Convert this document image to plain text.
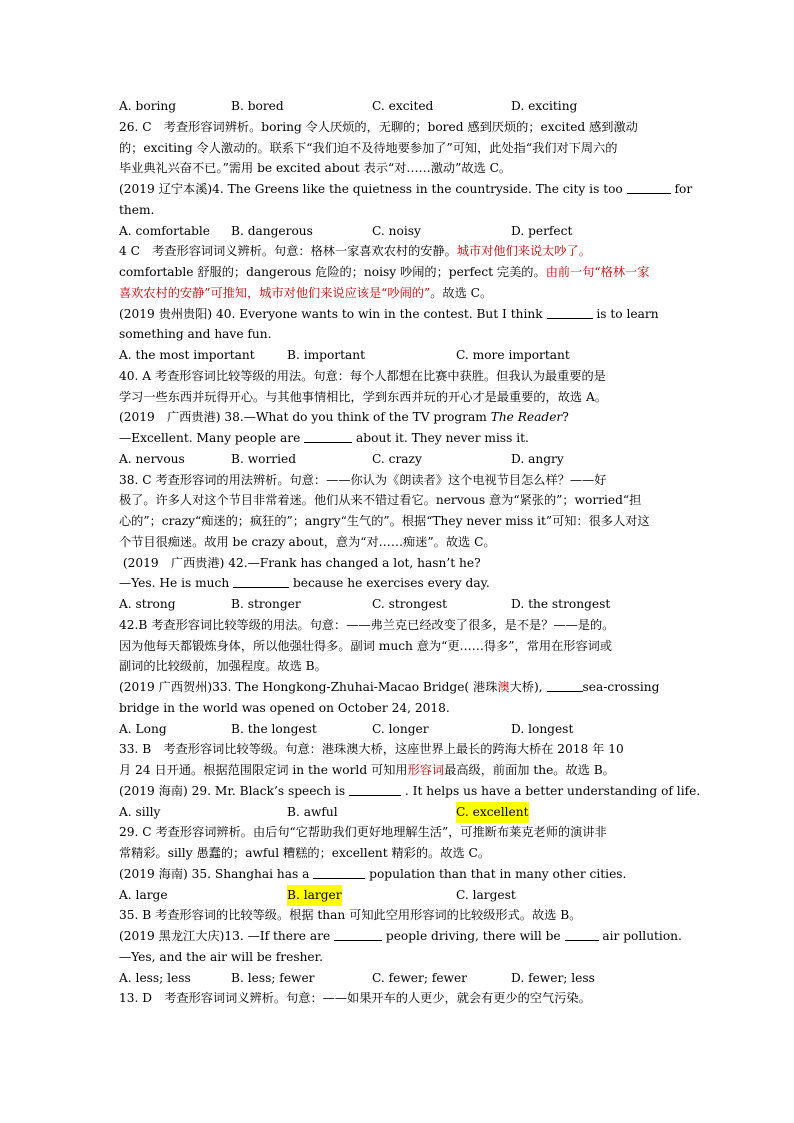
A. boring	B. bored	C. excited	D. exciting
26. C　考查形容词辨析。boring 令人厌烦的，无聊的；bored 感到厌烦的；excited 感到激动
的；exciting 令人激动的。联系下“我们迫不及待地要参加了”可知，此处指“我们对下周六的
毕业典礼兴奋不已。”需用 be excited about 表示“对……激动”故选 C。
(2019 辽宁本溪)4. The Greens like the quietness in the countryside. The city is too	for
them.
A. comfortable B. dangerous	C. noisy	D. perfect
4 C　考查形容词词义辨析。句意：格林一家喜欢农村的安静。城市对他们来说太吵了。
comfortable 舒服的；dangerous 危险的；noisy 吵闹的；perfect 完美的。由前一句“格林一家
喜欢农村的安静”可推知，城市对他们来说应该是“吵闹的”。故选 C。
(2019 贵州贵阳) 40. Everyone wants to win in the contest. But I think	is to learn
something and have fun.
A. the most important	B. important	C. more important
40. A 考查形容词比较等级的用法。句意：每个人都想在比赛中获胜。但我认为最重要的是
学习一些东西并玩得开心。与其他事情相比，学到东西并玩的开心才是最重要的，故选 A。
(2019　广西贵港) 38.—What do you think of the TV program The Reader?
—Excellent. Many people are	about it. They never miss it.
A. nervous	B. worried	C. crazy	D. angry
38. C 考查形容词的用法辨析。句意：——你认为《朗读者》这个电视节目怎么样？——好
极了。许多人对这个节目非常着迷。他们从来不错过看它。nervous 意为“紧张的”；worried“担
心的”；crazy“痴迷的；疯狂的”；angry“生气的”。根据“They never miss it”可知：很多人对这
个节目很痴迷。故用 be crazy about，意为“对……痴迷”。故选 C。
(2019　广西贵港) 42.—Frank has changed a lot, hasn’t he?
—Yes. He is much	because he exercises every day.
A. strong	B. stronger	C. strongest	D. the strongest
42.B 考查形容词比较等级的用法。句意：——弗兰克已经改变了很多，是不是？——是的。
因为他每天都锻炼身体，所以他强壮得多。副词 much 意为“更……得多”，常用在形容词或
副词的比较级前，加强程度。故选 B。
(2019 广西贺州)33. The Hongkong-Zhuhai-Macao Bridge( 港珠澳大桥),	sea-crossing
bridge in the world was opened on October 24, 2018.
A. Long	B. the longest	C. longer	D. longest
33. B　考查形容词比较等级。句意：港珠澳大桥，这座世界上最长的跨海大桥在 2018 年 10
月 24 日开通。根据范围限定词 in the world 可知用形容词最高级，前面加 the。故选 B。
(2019 海南) 29. Mr. Black’s speech is	. It helps us have a better understanding of life.
A. silly	B. awful	C. excellent
29. C 考查形容词辨析。由后句“它帮助我们更好地理解生活”，可推断布莱克老师的演讲非
常精彩。silly 愚蠢的；awful 糟糕的；excellent 精彩的。故选 C。
(2019 海南) 35. Shanghai has a	population than that in many other cities.
A. large	B. larger	C. largest
35. B 考查形容词的比较等级。根据 than 可知此空用形容词的比较级形式。故选 B。
(2019 黑龙江大庆)13. —If there are	people driving, there will be	air pollution.
—Yes, and the air will be fresher.
A. less; less	B. less; fewer	C. fewer; fewer	D. fewer; less
13. D　考查形容词词义辨析。句意：——如果开车的人更少，就会有更少的空气污染。
